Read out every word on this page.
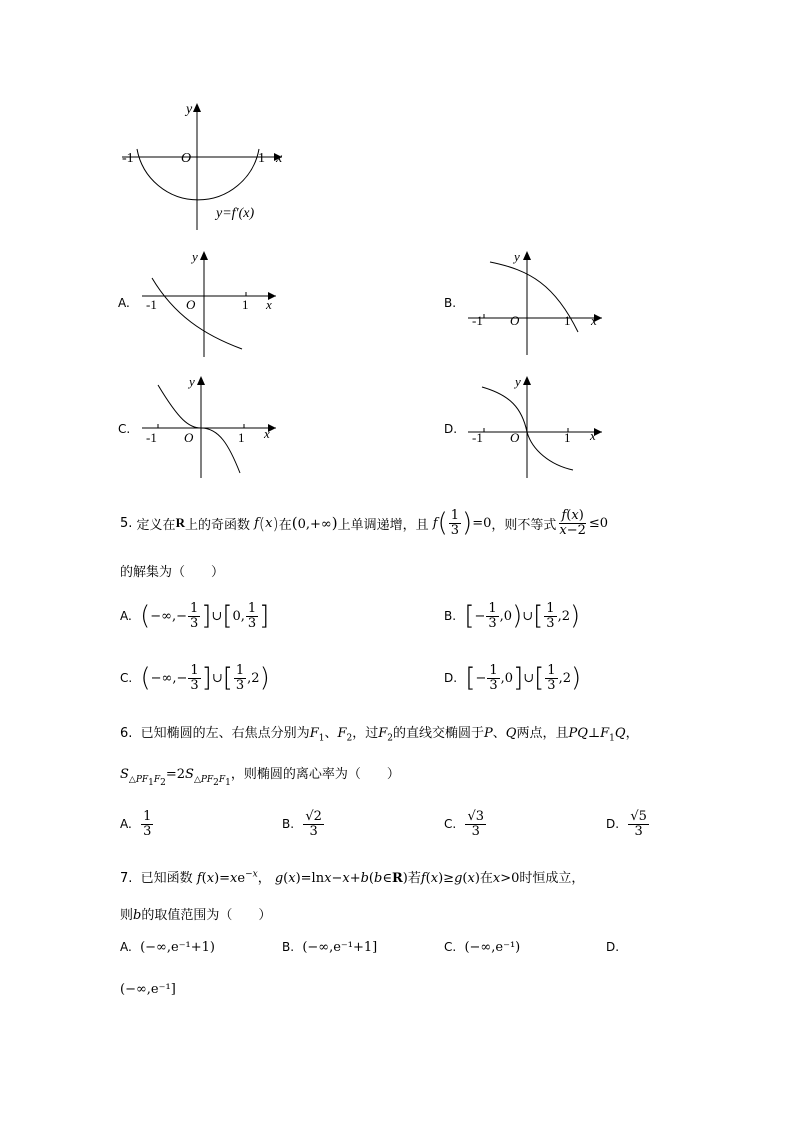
x
y
O
-1	1
y=f′(x)
A.	x
y
O
-1	1	B.
x
y
O
-1	1
C.	x
y
O
-1	1
D.	x
y
O
-1	1
5.
定义在 R 上的奇函数 f(x) 在 (0,+∞) 上单调递增，且
f ( $\frac{1}{3}$ ) =0 ，则不等式 $\frac{f(x)}{x-2} \le 0$
的解集为（　　）
A.
( −∞,− $\frac{1}{3}$ ] ∪ [ 0, $\frac{1}{3}$ ]	B.
[ − $\frac{1}{3} ,0$ ) ∪ [ $\frac{1}{3} ,2$ )
C.
( −∞,− $\frac{1}{3}$ ] ∪ [ $\frac{1}{3} ,2$ )	D.
[ − $\frac{1}{3} ,0$ ] ∪ [ $\frac{1}{3} ,2$ )
6. 已知椭圆的左、右焦点分别为$F_1$、$F_2$，过$F_2$的直线交椭圆于P、Q两点，且$PQ\perp F_1Q$，
$S_{\triangle PF_1F_2}=2S_{\triangle PF_2F_1}$，则椭圆的离心率为（　　）
A.
$\frac{1}{3}$	B.
$\frac{√2}{3}$	C.
$\frac{√3}{3}$	D.
$\frac{√5}{3}$
7. 已知函数 $f(x)=xe^{-x}$， g(x)=lnx−x+b(b∈R)若f(x)≥g(x)在x>0时恒成立，
则b的取值范围为（　　）
A. (−∞,e⁻¹+1)	B. (−∞,e⁻¹+1]	C. (−∞,e⁻¹)	D.
(−∞,e⁻¹]
